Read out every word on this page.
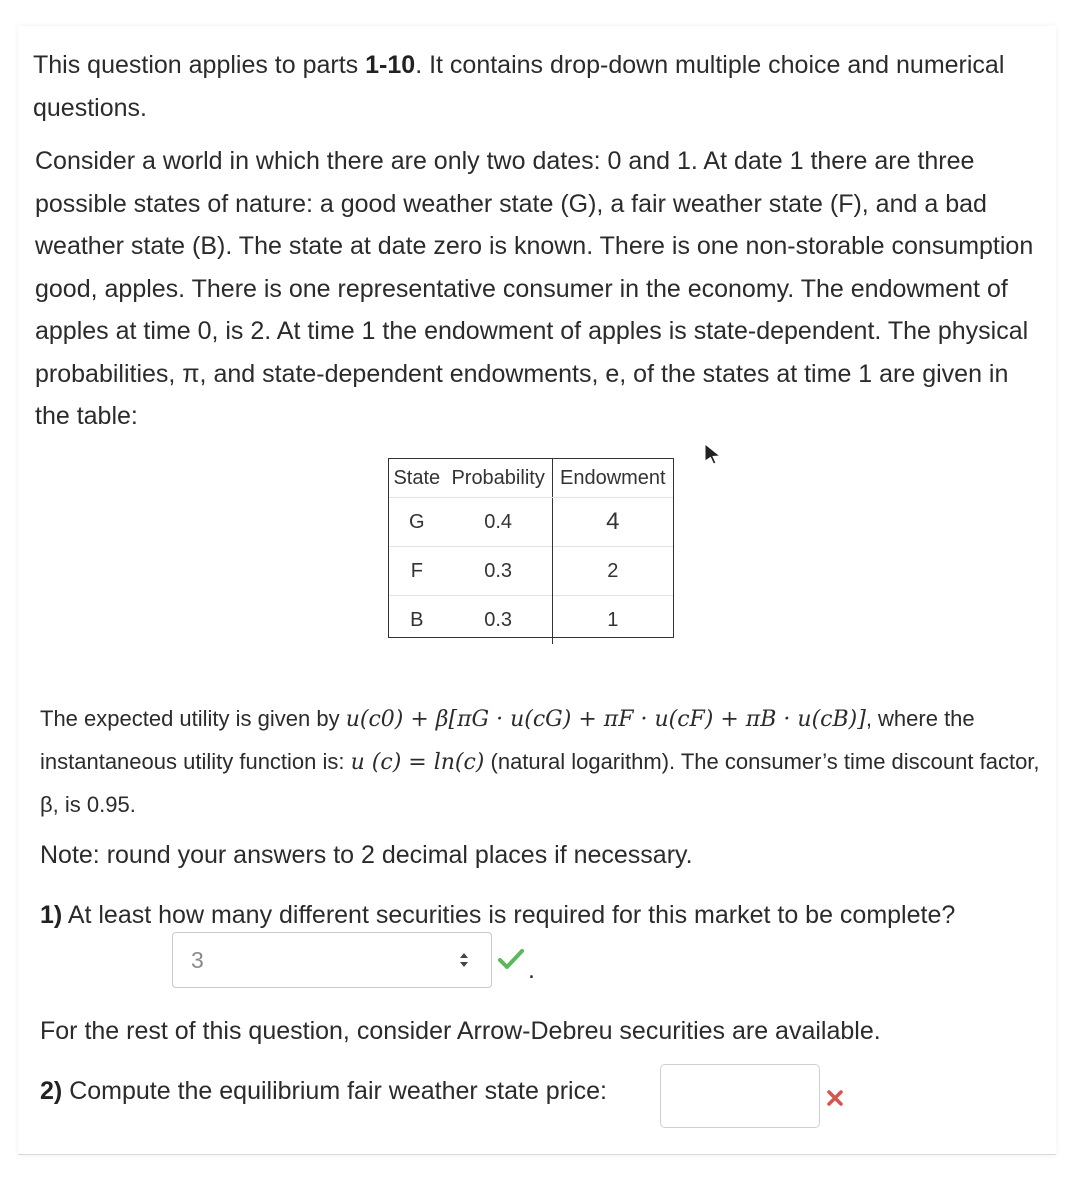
This question applies to parts 1-10. It contains drop-down multiple choice and numerical questions.

Consider a world in which there are only two dates: 0 and 1. At date 1 there are three possible states of nature: a good weather state (G), a fair weather state (F), and a bad weather state (B). The state at date zero is known. There is one non-storable consumption good, apples. There is one representative consumer in the economy. The endowment of apples at time 0, is 2. At time 1 the endowment of apples is state-dependent. The physical probabilities, π, and state-dependent endowments, e, of the states at time 1 are given in the table:

State	Probability	Endowment
G	0.4	4
F	0.3	2
B	0.3	1

The expected utility is given by u(c0) + β[πG · u(cG) + πF · u(cF) + πB · u(cB)], where the instantaneous utility function is: u (c) = ln(c) (natural logarithm). The consumer’s time discount factor, β, is 0.95.

Note: round your answers to 2 decimal places if necessary.

1) At least how many different securities is required for this market to be complete?

3	.

For the rest of this question, consider Arrow-Debreu securities are available.

2) Compute the equilibrium fair weather state price:
